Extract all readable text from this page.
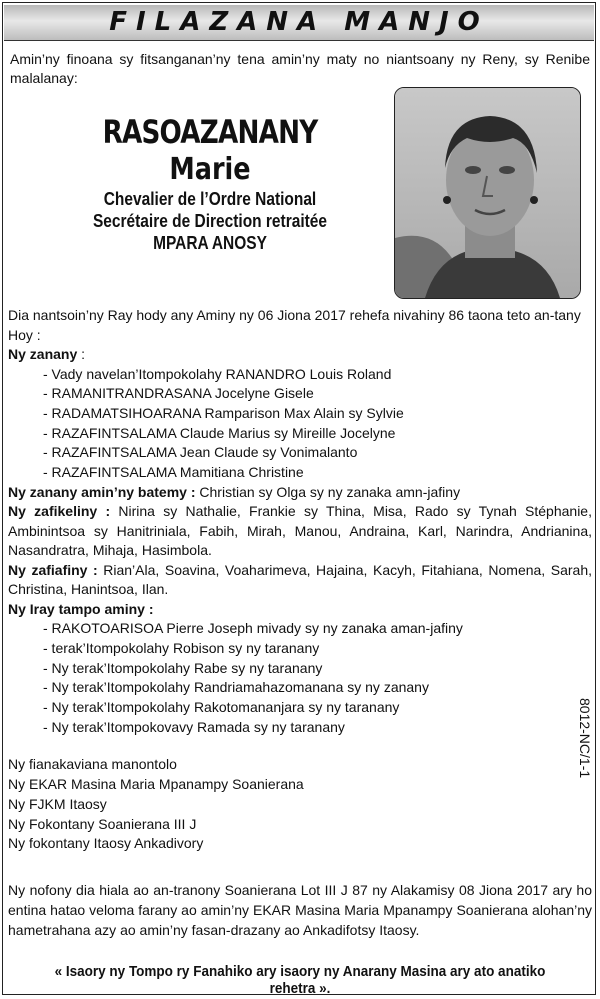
FILAZANA MANJO
Amin’ny finoana sy fitsanganan’ny tena amin’ny maty no niantsoany ny Reny, sy Renibe malalanay:
RASOAZANANY
Marie
Chevalier de l’Ordre National
Secrétaire de Direction retraitée
MPARA ANOSY

Dia nantsoin’ny Ray hody any Aminy ny 06 Jiona 2017 rehefa nivahiny 86 taona teto an-tany

Hoy :

Ny zanany :

- Vady navelan’Itompokolahy RANANDRO Louis Roland
- RAMANITRANDRASANA Jocelyne Gisele
- RADAMATSIHOARANA Ramparison Max Alain sy Sylvie
- RAZAFINTSALAMA Claude Marius sy Mireille Jocelyne
- RAZAFINTSALAMA Jean Claude sy Vonimalanto
- RAZAFINTSALAMA Mamitiana Christine

Ny zanany amin’ny batemy : Christian sy Olga sy ny zanaka amn-jafiny

Ny zafikeliny : Nirina sy Nathalie, Frankie sy Thina, Misa, Rado sy Tynah Stéphanie, Ambinintsoa sy Hanitriniala, Fabih, Mirah, Manou, Andraina, Karl, Narindra, Andrianina, Nasandratra, Mihaja, Hasimbola.

Ny zafiafiny : Rian’Ala, Soavina, Voaharimeva, Hajaina, Kacyh, Fitahiana, Nomena, Sarah, Christina, Hanintsoa, Ilan.

Ny Iray tampo aminy :

- RAKOTOARISOA Pierre Joseph mivady sy ny zanaka aman-jafiny
- terak’Itompokolahy Robison sy ny taranany
- Ny terak’Itompokolahy Rabe sy ny taranany
- Ny terak’Itompokolahy Randriamahazomanana sy ny zanany
- Ny terak’Itompokolahy Rakotomananjara sy ny taranany
- Ny terak’Itompokovavy Ramada sy ny taranany
Ny fianakaviana manontolo
Ny EKAR Masina Maria Mpanampy Soanierana
Ny FJKM Itaosy
Ny Fokontany Soanierana III J
Ny fokontany Itaosy Ankadivory
8012-NC/1-1
Ny nofony dia hiala ao an-tranony Soanierana Lot III J 87 ny Alakamisy 08 Jiona 2017 ary ho entina hatao veloma farany ao amin’ny EKAR Masina Maria Mpanampy Soanierana alohan’ny hametrahana azy ao amin’ny fasan-drazany ao Ankadifotsy Itaosy.
« Isaory ny Tompo ry Fanahiko ary isaory ny Anarany Masina ary ato anatiko rehetra ».
